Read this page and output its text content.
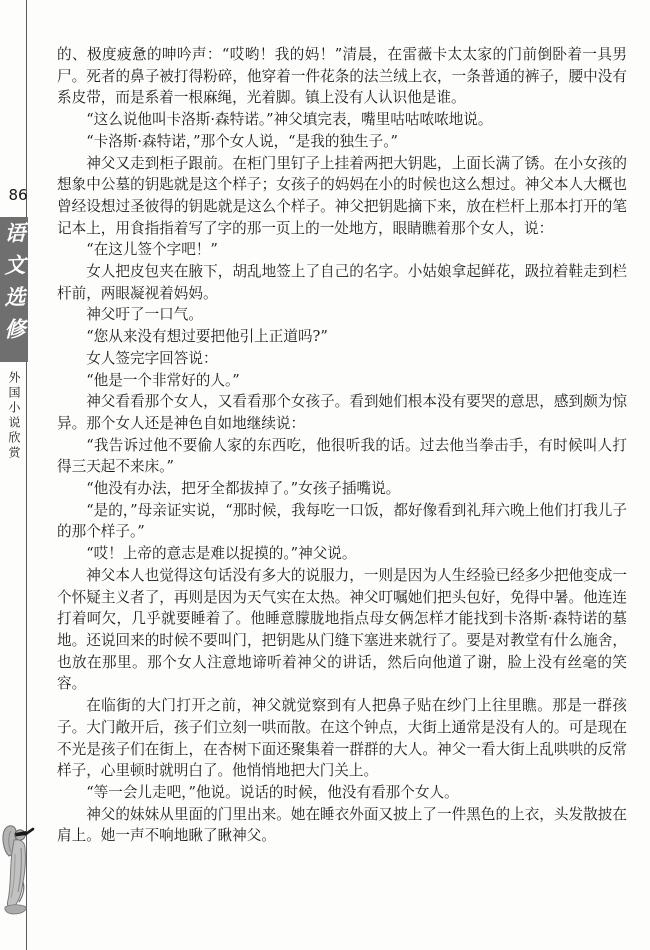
86
语文选修
外国小说欣赏

的、极度疲惫的呻吟声：“哎哟！我的妈！”清晨，在雷薇卡太太家的门前倒卧着一具男尸。死者的鼻子被打得粉碎，他穿着一件花条的法兰绒上衣，一条普通的裤子，腰中没有系皮带，而是系着一根麻绳，光着脚。镇上没有人认识他是谁。

“这么说他叫卡洛斯·森特诺。”神父填完表，嘴里咕咕哝哝地说。

“卡洛斯·森特诺，”那个女人说，“是我的独生子。”

神父又走到柜子跟前。在柜门里钉子上挂着两把大钥匙，上面长满了锈。在小女孩的想象中公墓的钥匙就是这个样子；女孩子的妈妈在小的时候也这么想过。神父本人大概也曾经设想过圣彼得的钥匙就是这么个样子。神父把钥匙摘下来，放在栏杆上那本打开的笔记本上，用食指指着写了字的那一页上的一处地方，眼睛瞧着那个女人，说：

“在这儿签个字吧！”

女人把皮包夹在腋下，胡乱地签上了自己的名字。小姑娘拿起鲜花，趿拉着鞋走到栏杆前，两眼凝视着妈妈。

神父吁了一口气。

“您从来没有想过要把他引上正道吗?”

女人签完字回答说：

“他是一个非常好的人。”

神父看看那个女人，又看看那个女孩子。看到她们根本没有要哭的意思，感到颇为惊异。那个女人还是神色自如地继续说：

“我告诉过他不要偷人家的东西吃，他很听我的话。过去他当拳击手，有时候叫人打得三天起不来床。”

“他没有办法，把牙全都拔掉了。”女孩子插嘴说。

“是的，”母亲证实说，“那时候，我每吃一口饭，都好像看到礼拜六晚上他们打我儿子的那个样子。”

“哎！上帝的意志是难以捉摸的。”神父说。

神父本人也觉得这句话没有多大的说服力，一则是因为人生经验已经多少把他变成一个怀疑主义者了，再则是因为天气实在太热。神父叮嘱她们把头包好，免得中暑。他连连打着呵欠，几乎就要睡着了。他睡意朦胧地指点母女俩怎样才能找到卡洛斯·森特诺的墓地。还说回来的时候不要叫门，把钥匙从门缝下塞进来就行了。要是对教堂有什么施舍，也放在那里。那个女人注意地谛听着神父的讲话，然后向他道了谢，脸上没有丝毫的笑容。

在临街的大门打开之前，神父就觉察到有人把鼻子贴在纱门上往里瞧。那是一群孩子。大门敞开后，孩子们立刻一哄而散。在这个钟点，大街上通常是没有人的。可是现在不光是孩子们在街上，在杏树下面还聚集着一群群的大人。神父一看大街上乱哄哄的反常样子，心里顿时就明白了。他悄悄地把大门关上。

“等一会儿走吧，”他说。说话的时候，他没有看那个女人。

神父的妹妹从里面的门里出来。她在睡衣外面又披上了一件黑色的上衣，头发散披在肩上。她一声不响地瞅了瞅神父。
